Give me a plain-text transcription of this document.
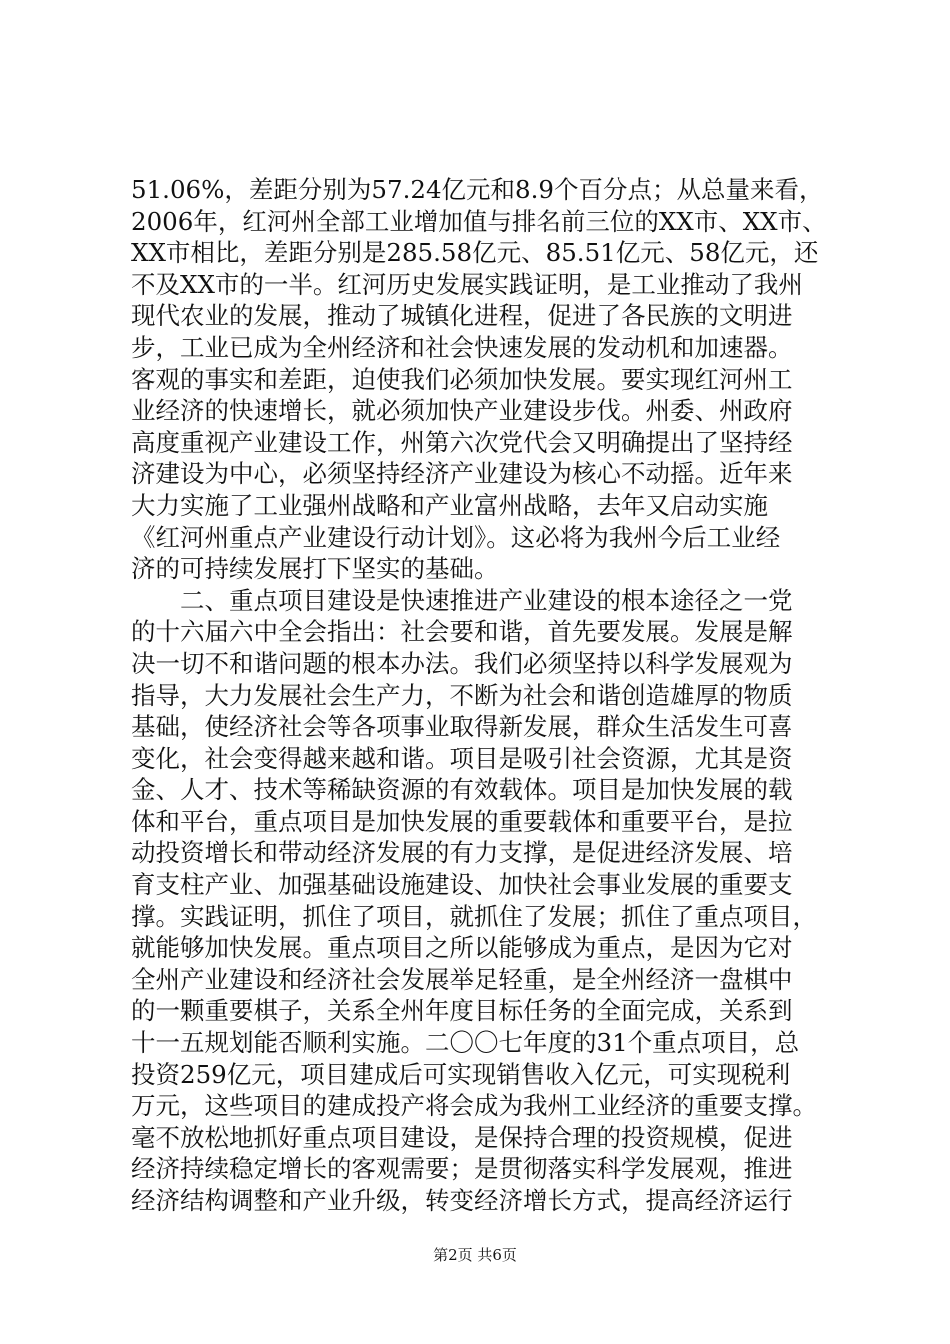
51.06%，差距分别为57.24亿元和8.9个百分点；从总量来看，
2006年，红河州全部工业增加值与排名前三位的XX市、XX市、
XX市相比，差距分别是285.58亿元、85.51亿元、58亿元，还
不及XX市的一半。红河历史发展实践证明，是工业推动了我州
现代农业的发展，推动了城镇化进程，促进了各民族的文明进
步，工业已成为全州经济和社会快速发展的发动机和加速器。
客观的事实和差距，迫使我们必须加快发展。要实现红河州工
业经济的快速增长，就必须加快产业建设步伐。州委、州政府
高度重视产业建设工作，州第六次党代会又明确提出了坚持经
济建设为中心，必须坚持经济产业建设为核心不动摇。近年来
大力实施了工业强州战略和产业富州战略，去年又启动实施
《红河州重点产业建设行动计划》。这必将为我州今后工业经
济的可持续发展打下坚实的基础。
二、重点项目建设是快速推进产业建设的根本途径之一党
的十六届六中全会指出：社会要和谐，首先要发展。发展是解
决一切不和谐问题的根本办法。我们必须坚持以科学发展观为
指导，大力发展社会生产力，不断为社会和谐创造雄厚的物质
基础，使经济社会等各项事业取得新发展，群众生活发生可喜
变化，社会变得越来越和谐。项目是吸引社会资源，尤其是资
金、人才、技术等稀缺资源的有效载体。项目是加快发展的载
体和平台，重点项目是加快发展的重要载体和重要平台，是拉
动投资增长和带动经济发展的有力支撑，是促进经济发展、培
育支柱产业、加强基础设施建设、加快社会事业发展的重要支
撑。实践证明，抓住了项目，就抓住了发展；抓住了重点项目，
就能够加快发展。重点项目之所以能够成为重点，是因为它对
全州产业建设和经济社会发展举足轻重，是全州经济一盘棋中
的一颗重要棋子，关系全州年度目标任务的全面完成，关系到
十一五规划能否顺利实施。二〇〇七年度的31个重点项目，总
投资259亿元，项目建成后可实现销售收入亿元，可实现税利
万元，这些项目的建成投产将会成为我州工业经济的重要支撑。
毫不放松地抓好重点项目建设，是保持合理的投资规模，促进
经济持续稳定增长的客观需要；是贯彻落实科学发展观，推进
经济结构调整和产业升级，转变经济增长方式，提高经济运行
第2页 共6页
